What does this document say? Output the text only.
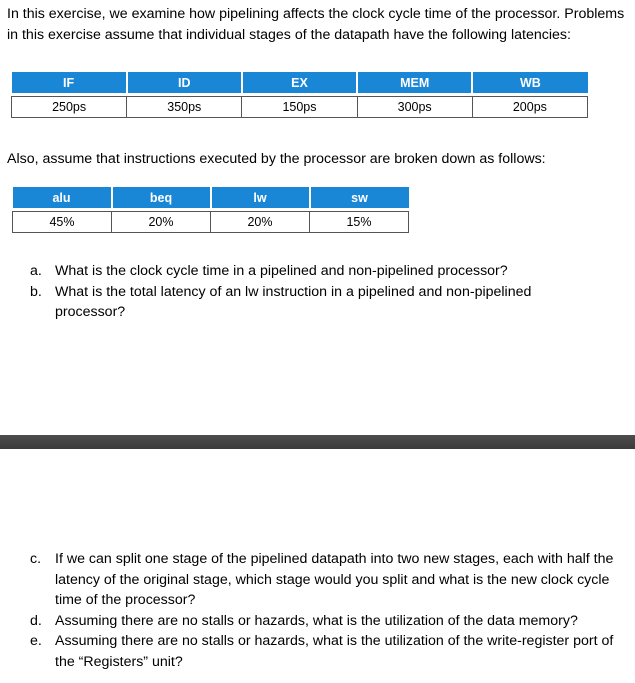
In this exercise, we examine how pipelining affects the clock cycle time of the processor. Problems in this exercise assume that individual stages of the datapath have the following latencies:

IF	ID	EX	MEM	WB

250ps	350ps	150ps	300ps	200ps

Also, assume that instructions executed by the processor are broken down as follows:

alu	beq	lw	sw

45%	20%	20%	15%
a. What is the clock cycle time in a pipelined and non-pipelined processor?
b. What is the total latency of an lw instruction in a pipelined and non-pipelined processor?
c. If we can split one stage of the pipelined datapath into two new stages, each with half the latency of the original stage, which stage would you split and what is the new clock cycle time of the processor?
d. Assuming there are no stalls or hazards, what is the utilization of the data memory?
e. Assuming there are no stalls or hazards, what is the utilization of the write-register port of the “Registers” unit?
